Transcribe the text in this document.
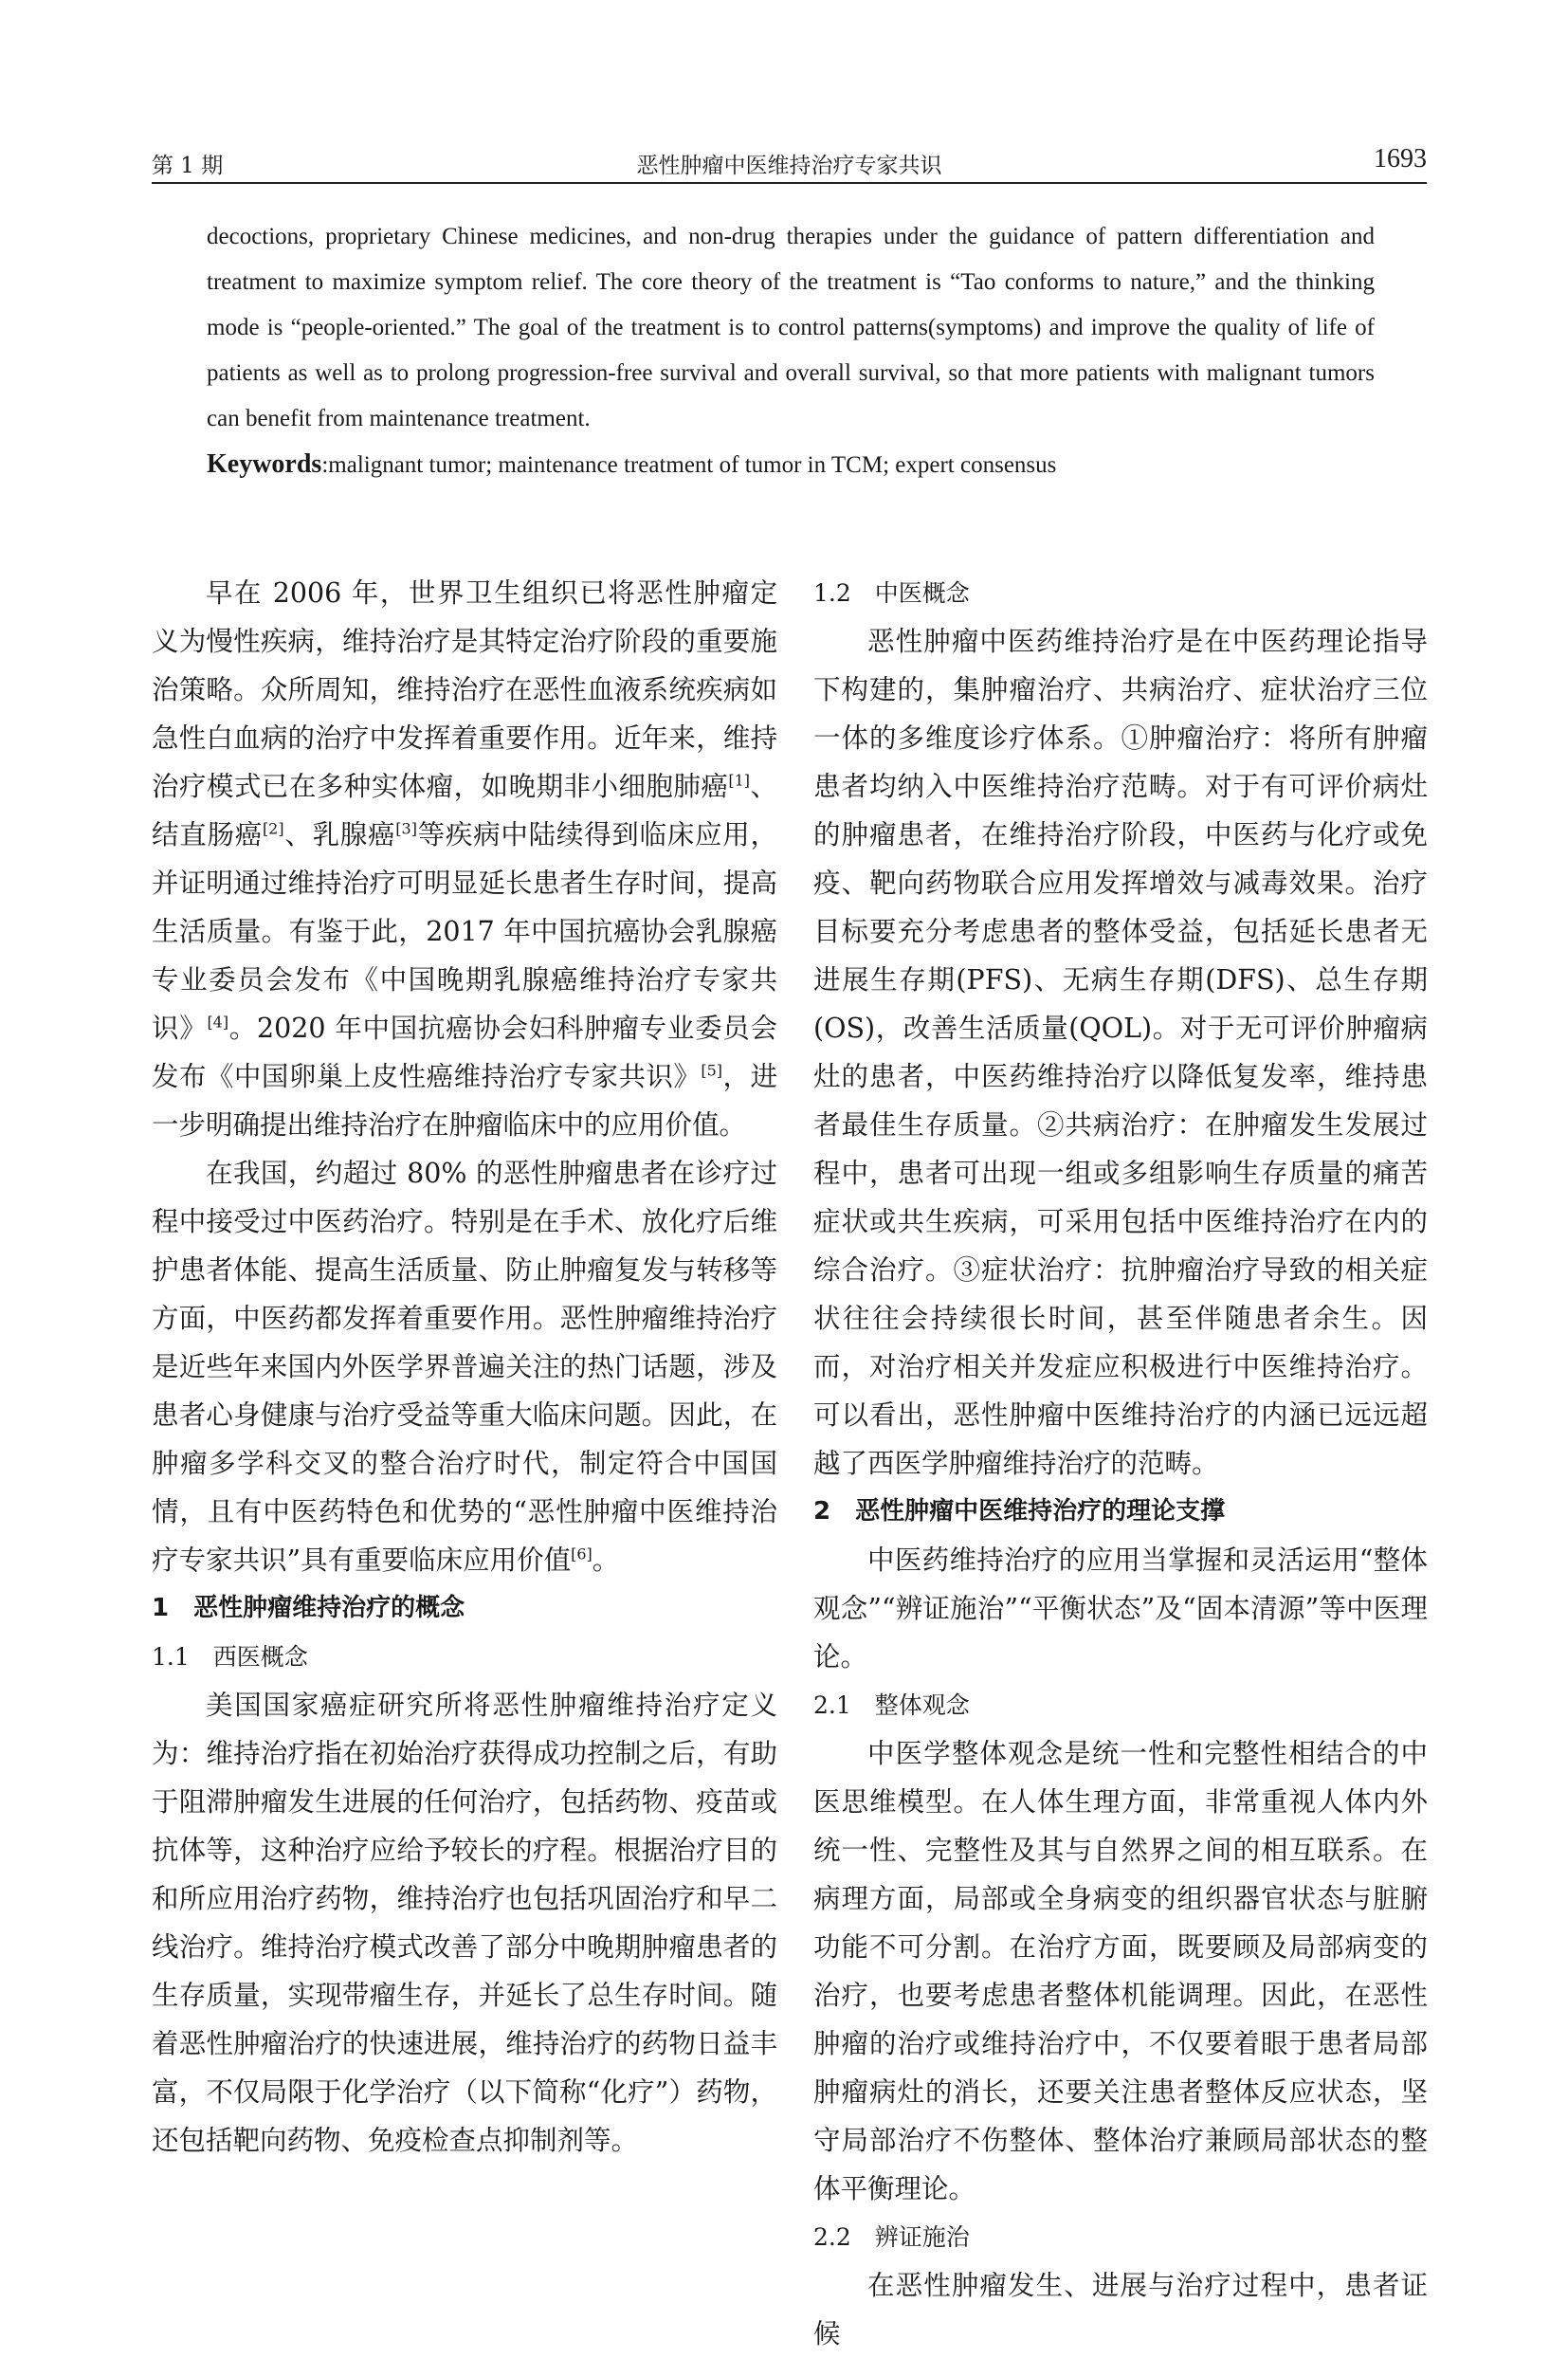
第 1 期	恶性肿瘤中医维持治疗专家共识	1693

decoctions, proprietary Chinese medicines, and non-drug therapies under the guidance of pattern differentiation and treatment to maximize symptom relief. The core theory of the treatment is “Tao conforms to nature,” and the thinking mode is “people-oriented.” The goal of the treatment is to control patterns(symptoms) and improve the quality of life of patients as well as to prolong progression-free survival and overall survival, so that more patients with malignant tumors can benefit from maintenance treatment.

Keywords:malignant tumor; maintenance treatment of tumor in TCM; expert consensus

早在 2006 年，世界卫生组织已将恶性肿瘤定义为慢性疾病，维持治疗是其特定治疗阶段的重要施治策略。众所周知，维持治疗在恶性血液系统疾病如急性白血病的治疗中发挥着重要作用。近年来，维持治疗模式已在多种实体瘤，如晚期非小细胞肺癌[1]、结直肠癌[2]、乳腺癌[3]等疾病中陆续得到临床应用，并证明通过维持治疗可明显延长患者生存时间，提高生活质量。有鉴于此，2017 年中国抗癌协会乳腺癌专业委员会发布《中国晚期乳腺癌维持治疗专家共识》[4]。2020 年中国抗癌协会妇科肿瘤专业委员会发布《中国卵巢上皮性癌维持治疗专家共识》[5]，进一步明确提出维持治疗在肿瘤临床中的应用价值。

在我国，约超过 80% 的恶性肿瘤患者在诊疗过程中接受过中医药治疗。特别是在手术、放化疗后维护患者体能、提高生活质量、防止肿瘤复发与转移等方面，中医药都发挥着重要作用。恶性肿瘤维持治疗是近些年来国内外医学界普遍关注的热门话题，涉及患者心身健康与治疗受益等重大临床问题。因此，在肿瘤多学科交叉的整合治疗时代，制定符合中国国情，且有中医药特色和优势的“恶性肿瘤中医维持治疗专家共识”具有重要临床应用价值[6]。

1　恶性肿瘤维持治疗的概念
1.1　西医概念

美国国家癌症研究所将恶性肿瘤维持治疗定义为：维持治疗指在初始治疗获得成功控制之后，有助于阻滞肿瘤发生进展的任何治疗，包括药物、疫苗或抗体等，这种治疗应给予较长的疗程。根据治疗目的和所应用治疗药物，维持治疗也包括巩固治疗和早二线治疗。维持治疗模式改善了部分中晚期肿瘤患者的生存质量，实现带瘤生存，并延长了总生存时间。随着恶性肿瘤治疗的快速进展，维持治疗的药物日益丰富，不仅局限于化学治疗（以下简称“化疗”）药物，还包括靶向药物、免疫检查点抑制剂等。

1.2　中医概念

恶性肿瘤中医药维持治疗是在中医药理论指导下构建的，集肿瘤治疗、共病治疗、症状治疗三位一体的多维度诊疗体系。①肿瘤治疗：将所有肿瘤患者均纳入中医维持治疗范畴。对于有可评价病灶的肿瘤患者，在维持治疗阶段，中医药与化疗或免疫、靶向药物联合应用发挥增效与减毒效果。治疗目标要充分考虑患者的整体受益，包括延长患者无进展生存期(PFS)、无病生存期(DFS)、总生存期(OS)，改善生活质量(QOL)。对于无可评价肿瘤病灶的患者，中医药维持治疗以降低复发率，维持患者最佳生存质量。②共病治疗：在肿瘤发生发展过程中，患者可出现一组或多组影响生存质量的痛苦症状或共生疾病，可采用包括中医维持治疗在内的综合治疗。③症状治疗：抗肿瘤治疗导致的相关症状往往会持续很长时间，甚至伴随患者余生。因而，对治疗相关并发症应积极进行中医维持治疗。可以看出，恶性肿瘤中医维持治疗的内涵已远远超越了西医学肿瘤维持治疗的范畴。

2　恶性肿瘤中医维持治疗的理论支撑

中医药维持治疗的应用当掌握和灵活运用“整体观念”“辨证施治”“平衡状态”及“固本清源”等中医理论。

2.1　整体观念

中医学整体观念是统一性和完整性相结合的中医思维模型。在人体生理方面，非常重视人体内外统一性、完整性及其与自然界之间的相互联系。在病理方面，局部或全身病变的组织器官状态与脏腑功能不可分割。在治疗方面，既要顾及局部病变的治疗，也要考虑患者整体机能调理。因此，在恶性肿瘤的治疗或维持治疗中，不仅要着眼于患者局部肿瘤病灶的消长，还要关注患者整体反应状态，坚守局部治疗不伤整体、整体治疗兼顾局部状态的整体平衡理论。

2.2　辨证施治

在恶性肿瘤发生、进展与治疗过程中，患者证候
